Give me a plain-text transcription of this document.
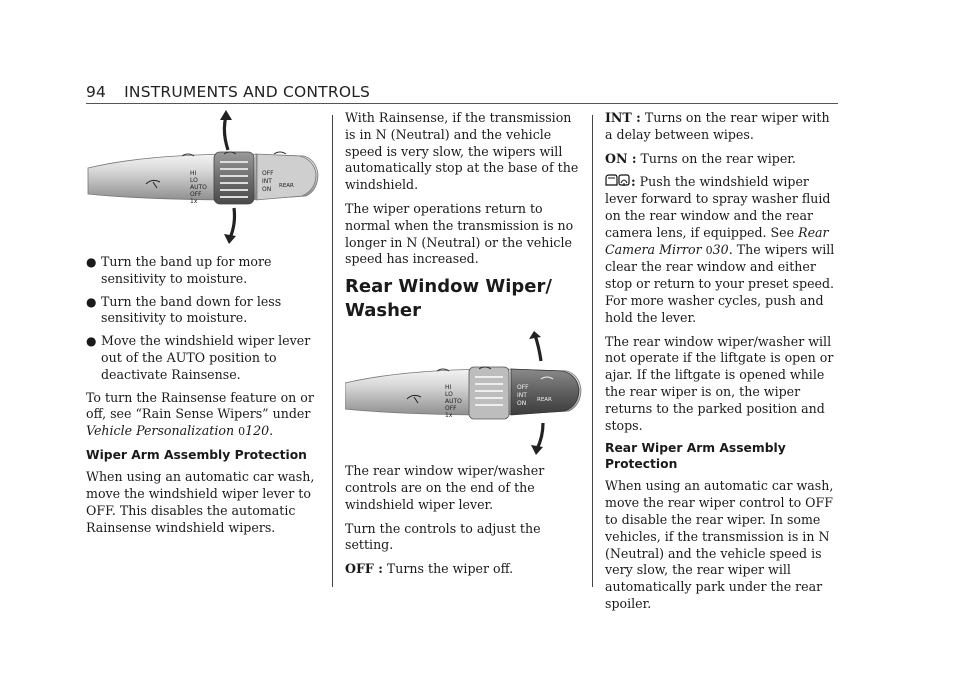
94 INSTRUMENTS AND CONTROLS
HI
LO
AUTO
OFF
1x
OFF
INT
ON REAR
● Turn the band up for more sensitivity to moisture.
● Turn the band down for less sensitivity to moisture.
● Move the windshield wiper lever out of the AUTO position to deactivate Rainsense.

To turn the Rainsense feature on or off, see “Rain Sense Wipers” under Vehicle Personalization 0120.

Wiper Arm Assembly Protection

When using an automatic car wash, move the windshield wiper lever to OFF. This disables the automatic Rainsense windshield wipers.

With Rainsense, if the transmission is in N (Neutral) and the vehicle speed is very slow, the wipers will automatically stop at the base of the windshield.

The wiper operations return to normal when the transmission is no longer in N (Neutral) or the vehicle speed has increased.

Rear Window Wiper/
Washer
HI
LO
AUTO
OFF
1x
OFF
INT
ON REAR

The rear window wiper/washer controls are on the end of the windshield wiper lever.

Turn the controls to adjust the setting.

OFF : Turns the wiper off.

INT : Turns on the rear wiper with a delay between wipes.

ON : Turns on the rear wiper.

: Push the windshield wiper lever forward to spray washer fluid on the rear window and the rear camera lens, if equipped. See Rear Camera Mirror 030. The wipers will clear the rear window and either stop or return to your preset speed. For more washer cycles, push and hold the lever.

The rear window wiper/washer will not operate if the liftgate is open or ajar. If the liftgate is opened while the rear wiper is on, the wiper returns to the parked position and stops.

Rear Wiper Arm Assembly Protection

When using an automatic car wash, move the rear wiper control to OFF to disable the rear wiper. In some vehicles, if the transmission is in N (Neutral) and the vehicle speed is very slow, the rear wiper will automatically park under the rear spoiler.
